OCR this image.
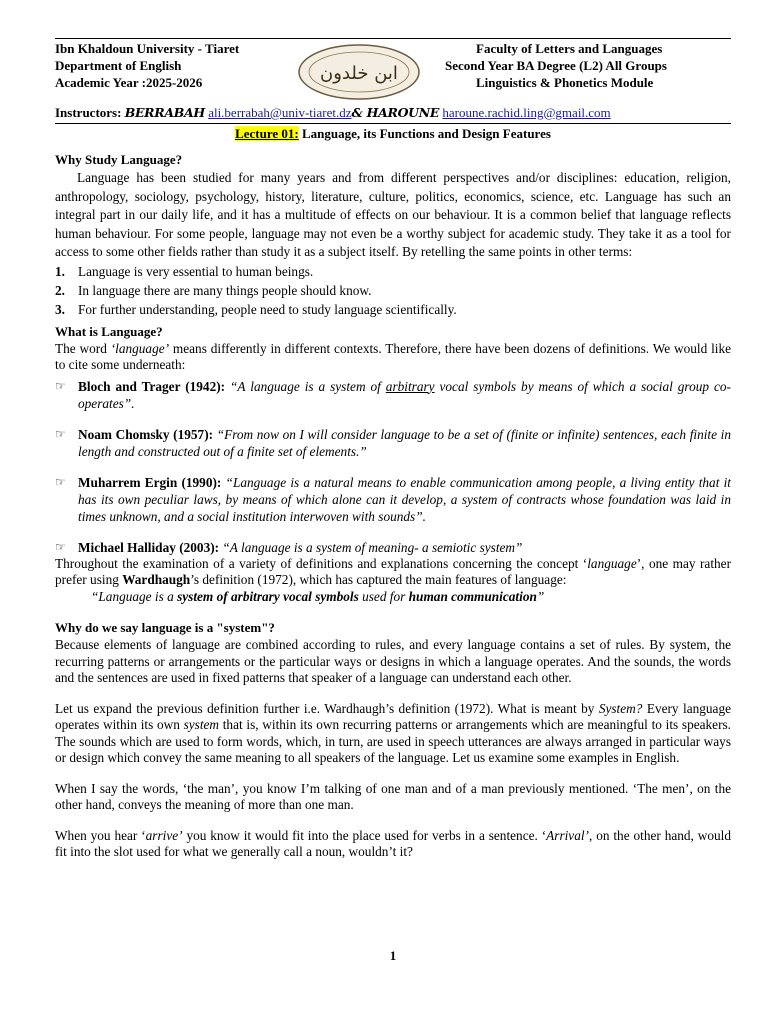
Ibn Khaldoun University - Tiaret
Department of English
Academic Year :2025-2026	ابن خلدون
Faculty of Letters and Languages
Second Year BA Degree (L2) All Groups
Linguistics & Phonetics Module
Instructors: BERRABAH ali.berrabah@univ-tiaret.dz& HAROUNE haroune.rachid.ling@gmail.com
Lecture 01: Language, its Functions and Design Features
Why Study Language?

Language has been studied for many years and from different perspectives and/or disciplines: education, religion, anthropology, sociology, psychology, history, literature, culture, politics, economics, science, etc. Language has such an integral part in our daily life, and it has a multitude of effects on our behaviour. It is a common belief that language reflects human behaviour. For some people, language may not even be a worthy subject for academic study. They take it as a tool for access to some other fields rather than study it as a subject itself. By retelling the same points in other terms:

1. Language is very essential to human beings.
2. In language there are many things people should know.
3. For further understanding, people need to study language scientifically.
What is Language?

The word ‘language’ means differently in different contexts. Therefore, there have been dozens of definitions. We would like to cite some underneath:

☞ Bloch and Trager (1942): “A language is a system of arbitrary vocal symbols by means of which a social group co-operates”.
☞ Noam Chomsky (1957): “From now on I will consider language to be a set of (finite or infinite) sentences, each finite in length and constructed out of a finite set of elements.”
☞ Muharrem Ergin (1990): “Language is a natural means to enable communication among people, a living entity that it has its own peculiar laws, by means of which alone can it develop, a system of contracts whose foundation was laid in times unknown, and a social institution interwoven with sounds”.
☞ Michael Halliday (2003): “A language is a system of meaning- a semiotic system”

Throughout the examination of a variety of definitions and explanations concerning the concept ‘language’, one may rather prefer using Wardhaugh’s definition (1972), which has captured the main features of language:

“Language is a system of arbitrary vocal symbols used for human communication”

Why do we say language is a "system"?

Because elements of language are combined according to rules, and every language contains a set of rules. By system, the recurring patterns or arrangements or the particular ways or designs in which a language operates. And the sounds, the words and the sentences are used in fixed patterns that speaker of a language can understand each other.

Let us expand the previous definition further i.e. Wardhaugh’s definition (1972). What is meant by System? Every language operates within its own system that is, within its own recurring patterns or arrangements which are meaningful to its speakers. The sounds which are used to form words, which, in turn, are used in speech utterances are always arranged in particular ways or design which convey the same meaning to all speakers of the language. Let us examine some examples in English.

When I say the words, ‘the man’, you know I’m talking of one man and of a man previously mentioned. ‘The men’, on the other hand, conveys the meaning of more than one man.

When you hear ‘arrive’ you know it would fit into the place used for verbs in a sentence. ‘Arrival’, on the other hand, would fit into the slot used for what we generally call a noun, wouldn’t it?

1
